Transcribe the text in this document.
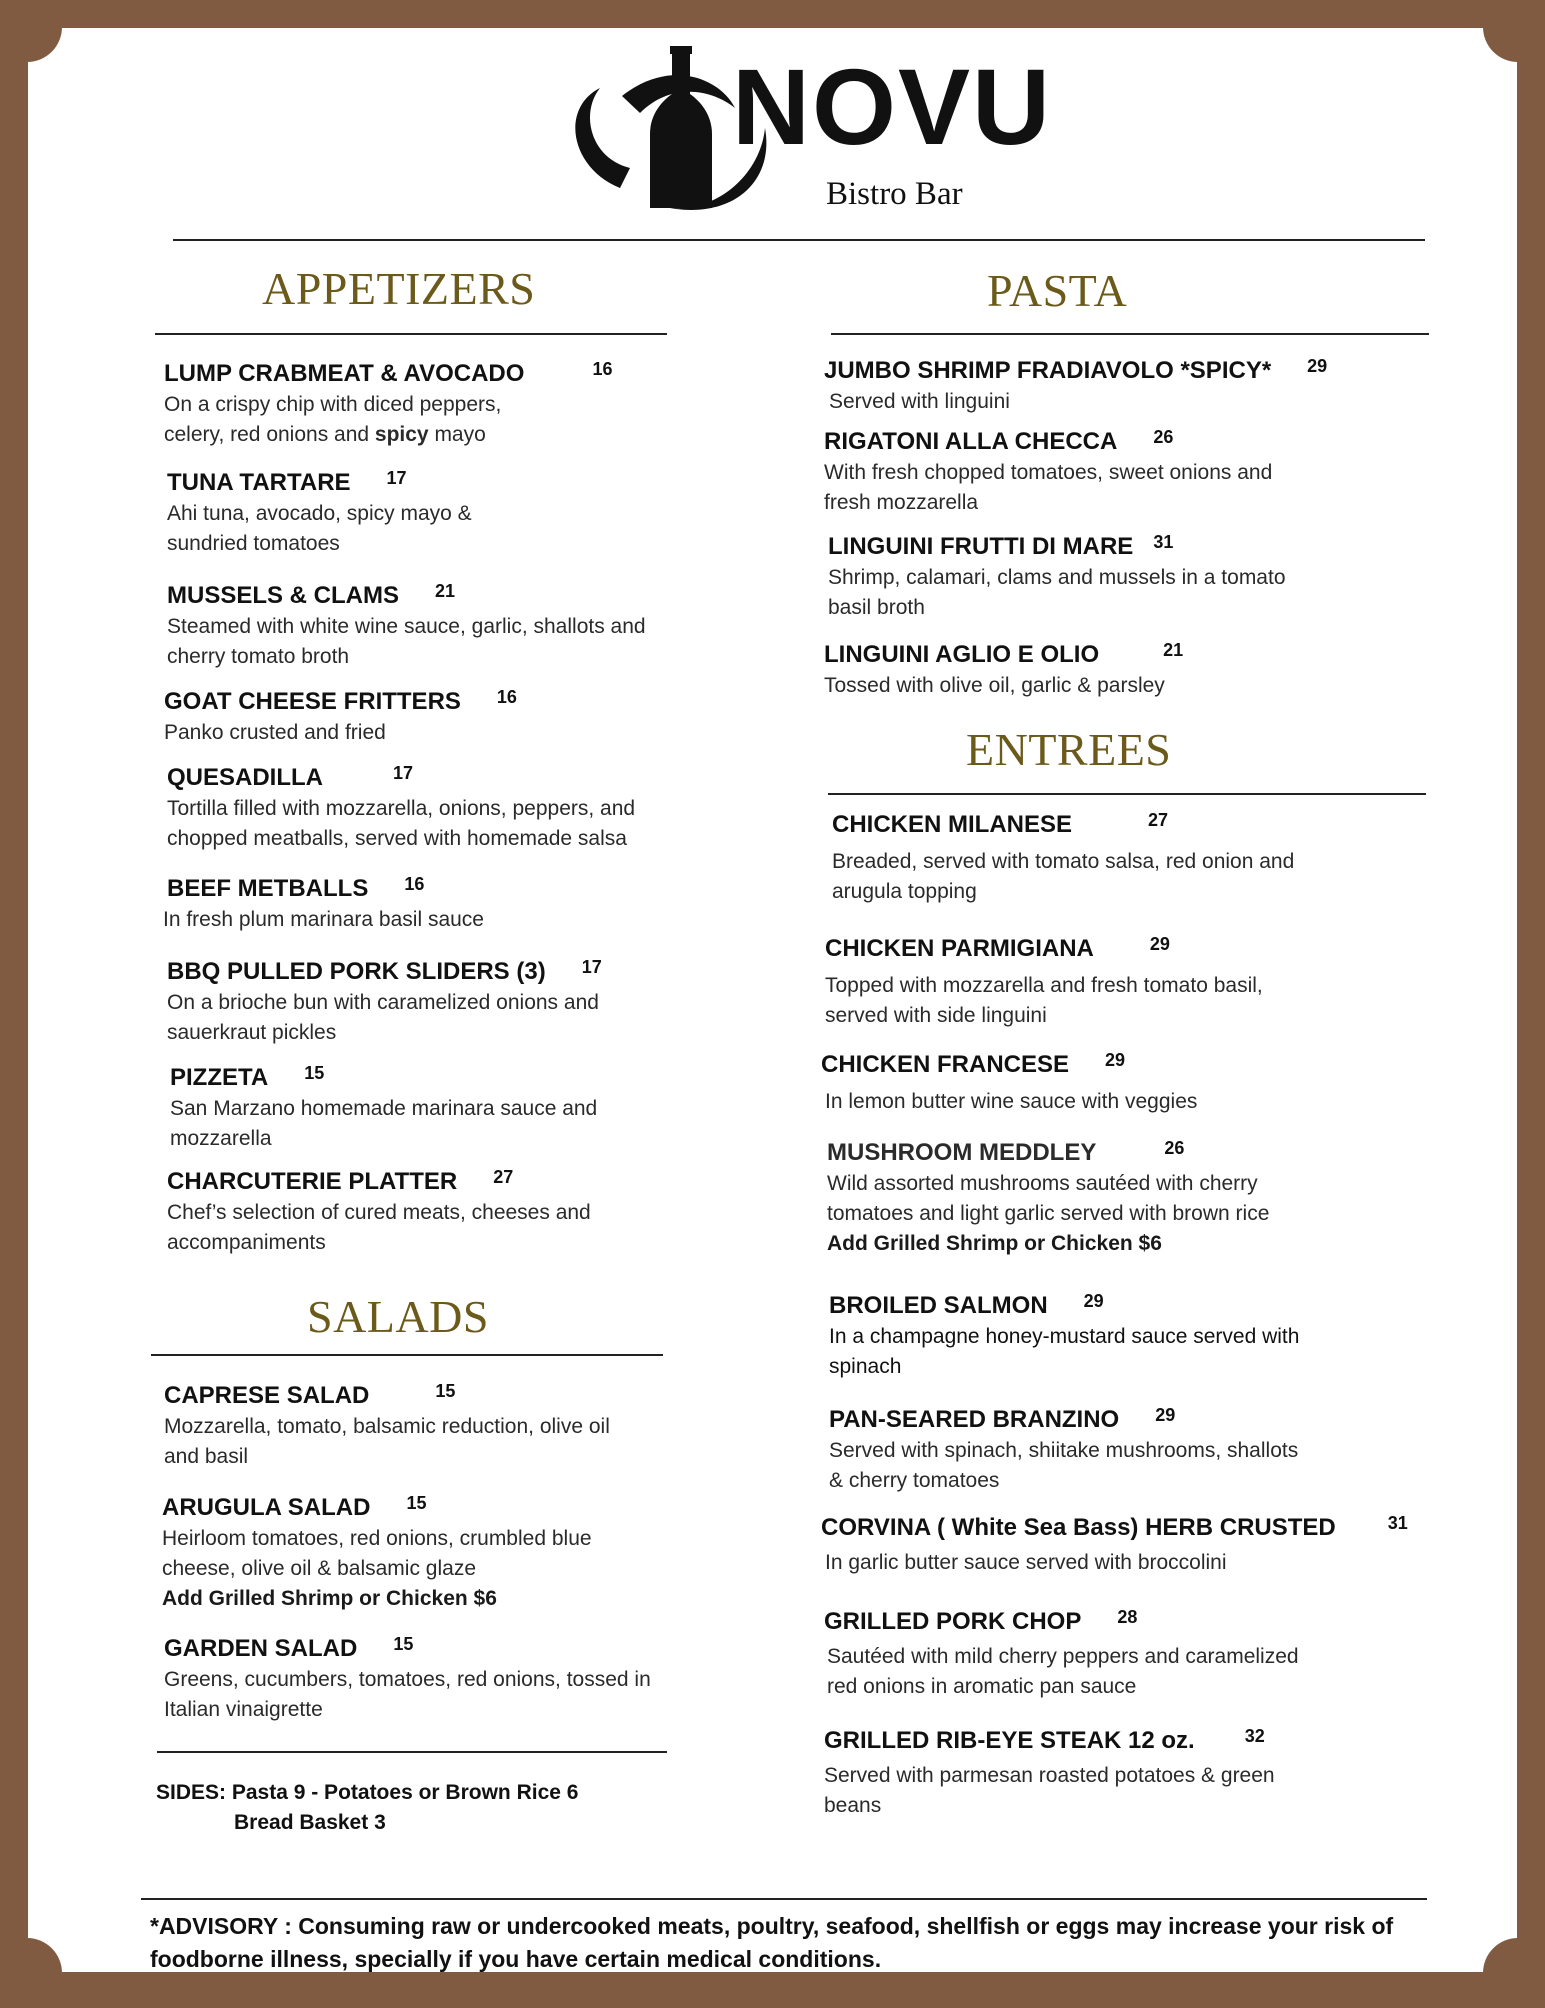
NOVU
Bistro Bar
APPETIZERS
LUMP CRABMEAT & AVOCADO	16
On a crispy chip with diced peppers, celery, red onions and spicy mayo
TUNA TARTARE 17
Ahi tuna, avocado, spicy mayo & sundried tomatoes
MUSSELS & CLAMS 21
Steamed with white wine sauce, garlic, shallots and cherry tomato broth
GOAT CHEESE FRITTERS 16
Panko crusted and fried
QUESADILLA	17
Tortilla filled with mozzarella, onions, peppers, and chopped meatballs, served with homemade salsa
BEEF METBALLS 16
In fresh plum marinara basil sauce
BBQ PULLED PORK SLIDERS (3) 17
On a brioche bun with caramelized onions and sauerkraut pickles
PIZZETA 15
San Marzano homemade marinara sauce and mozzarella
CHARCUTERIE PLATTER 27
Chef’s selection of cured meats, cheeses and accompaniments
SALADS
CAPRESE SALAD	15
Mozzarella, tomato, balsamic reduction, olive oil and basil
ARUGULA SALAD 15
Heirloom tomatoes, red onions, crumbled blue cheese, olive oil & balsamic glaze
Add Grilled Shrimp or Chicken $6
GARDEN SALAD 15
Greens, cucumbers, tomatoes, red onions, tossed in Italian vinaigrette
SIDES: Pasta 9 - Potatoes or Brown Rice 6
Bread Basket 3
PASTA
JUMBO SHRIMP FRADIAVOLO *SPICY* 29
Served with linguini
RIGATONI ALLA CHECCA 26
With fresh chopped tomatoes, sweet onions and fresh mozzarella
LINGUINI FRUTTI DI MARE 31
Shrimp, calamari, clams and mussels in a tomato basil broth
LINGUINI AGLIO E OLIO	21
Tossed with olive oil, garlic & parsley
ENTREES
CHICKEN MILANESE	27
Breaded, served with tomato salsa, red onion and arugula topping
CHICKEN PARMIGIANA	29
Topped with mozzarella and fresh tomato basil, served with side linguini
CHICKEN FRANCESE 29
In lemon butter wine sauce with veggies
MUSHROOM MEDDLEY	26
Wild assorted mushrooms sautéed with cherry tomatoes and light garlic served with brown rice
Add Grilled Shrimp or Chicken $6
BROILED SALMON 29
In a champagne honey-mustard sauce served with spinach
PAN-SEARED BRANZINO 29
Served with spinach, shiitake mushrooms, shallots & cherry tomatoes
CORVINA ( White Sea Bass) HERB CRUSTED	31
In garlic butter sauce served with broccolini
GRILLED PORK CHOP 28
Sautéed with mild cherry peppers and caramelized red onions in aromatic pan sauce
GRILLED RIB-EYE STEAK 12 oz.	32
Served with parmesan roasted potatoes & green beans
*ADVISORY : Consuming raw or undercooked meats, poultry, seafood, shellfish or eggs may increase your risk of foodborne illness, specially if you have certain medical conditions.
